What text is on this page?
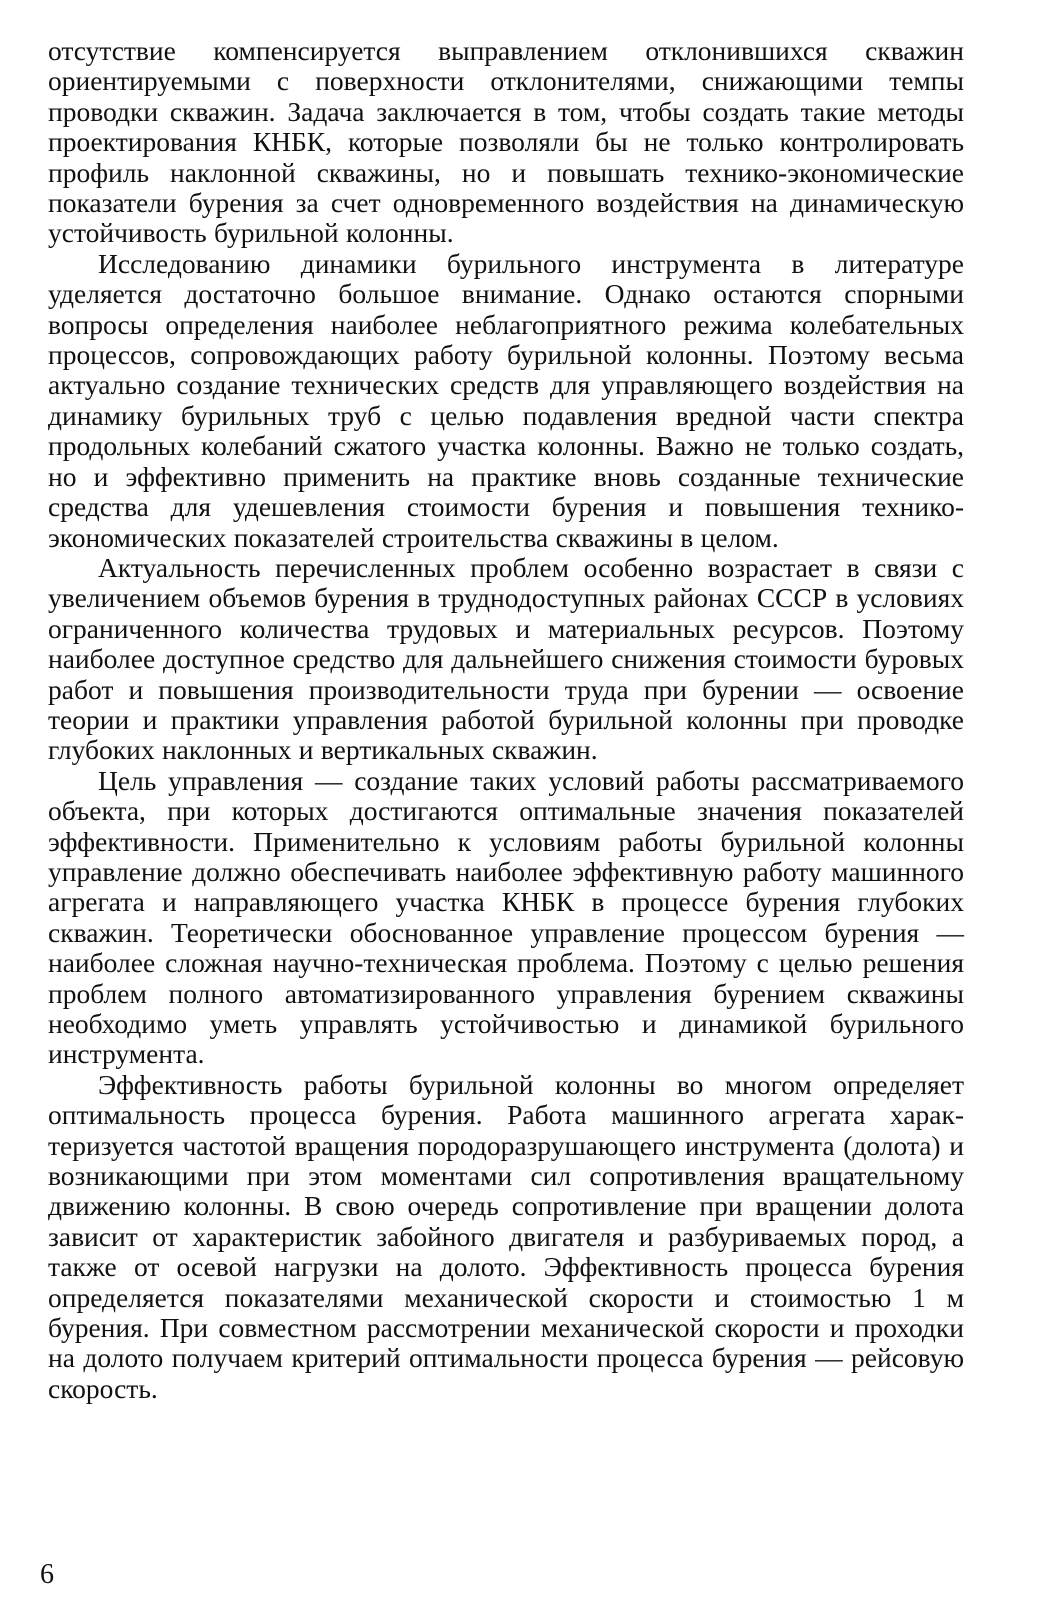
отсутствие компенсируется выправлением отклонившихся скважин ориентируемыми с поверхности отклонителями, снижающими темпы проводки скважин. Задача заключается в том, чтобы создать такие методы проектирования КНБК, которые позволяли бы не только контролировать профиль наклонной скважины, но и повышать технико-экономические показатели бурения за счет одновременного воздействия на динамическую устойчивость бурильной колонны.

Исследованию динамики бурильного инструмента в литературе уделяется достаточно большое внимание. Однако остаются спорными вопросы определения наиболее неблагоприятного режима колебательных процессов, сопровождающих работу бурильной колонны. Поэтому весьма актуально создание технических средств для управляющего воздействия на динамику бурильных труб с целью подавления вредной части спектра продольных колебаний сжатого участка колонны. Важно не только создать, но и эффективно применить на практике вновь созданные технические средства для удешевления стоимости бурения и повышения технико-экономических показателей строительства скважины в целом.

Актуальность перечисленных проблем особенно возрастает в связи с увеличением объемов бурения в труднодоступных районах СССР в условиях ограниченного количества трудовых и материальных ресурсов. Поэтому наиболее доступное средство для дальнейшего снижения стоимости буровых работ и повышения производительности труда при бурении — освоение теории и практики управления работой бурильной колонны при проводке глубоких наклонных и вертикальных скважин.

Цель управления — создание таких условий работы рассматриваемого объекта, при которых достигаются оптимальные значения показателей эффективности. Применительно к условиям работы бурильной колонны управление должно обеспечивать наиболее эффективную работу машинного агрегата и направляющего участка КНБК в процессе бурения глубоких скважин. Теоретически обоснованное управление процессом бурения — наиболее сложная научно-техническая проблема. Поэтому с целью решения проблем полного автоматизированного управления бурением скважины необходимо уметь управлять устойчивостью и динамикой бурильного инструмента.

Эффективность работы бурильной колонны во многом определяет оптимальность процесса бурения. Работа машинного агрегата характеризуется частотой вращения породоразрушающего инструмента (долота) и возникающими при этом моментами сил сопротивления вращательному движению колонны. В свою очередь сопротивление при вращении долота зависит от характеристик забойного двигателя и разбуриваемых пород, а также от осевой нагрузки на долото. Эффективность процесса бурения определяется показателями механической скорости и стоимостью 1 м бурения. При совместном рассмотрении механической скорости и проходки на долото получаем критерий оптимальности процесса бурения — рейсовую скорость.

6
